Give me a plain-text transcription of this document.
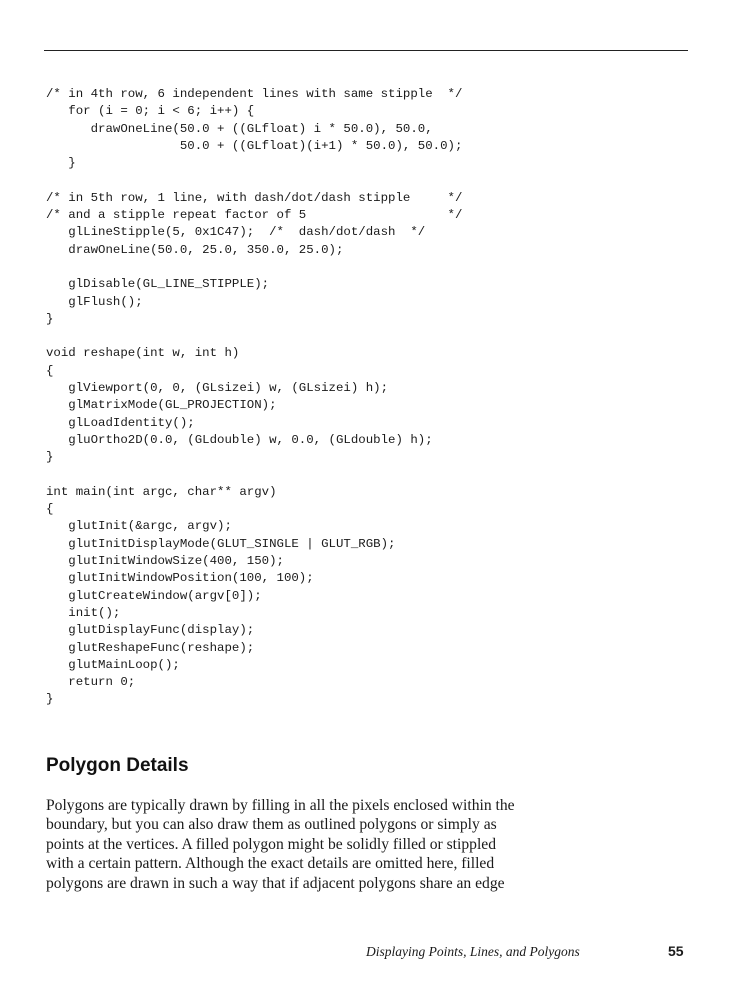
/* in 4th row, 6 independent lines with same stipple  */
for (i = 0; i < 6; i++) {
drawOneLine(50.0 + ((GLfloat) i * 50.0), 50.0,
50.0 + ((GLfloat)(i+1) * 50.0), 50.0);
}
/* in 5th row, 1 line, with dash/dot/dash stipple     */
/* and a stipple repeat factor of 5                   */
glLineStipple(5, 0x1C47);  /*  dash/dot/dash  */
drawOneLine(50.0, 25.0, 350.0, 25.0);
glDisable(GL_LINE_STIPPLE);
glFlush();
}
void reshape(int w, int h)
{
glViewport(0, 0, (GLsizei) w, (GLsizei) h);
glMatrixMode(GL_PROJECTION);
glLoadIdentity();
gluOrtho2D(0.0, (GLdouble) w, 0.0, (GLdouble) h);
}
int main(int argc, char** argv)
{
glutInit(&argc, argv);
glutInitDisplayMode(GLUT_SINGLE | GLUT_RGB);
glutInitWindowSize(400, 150);
glutInitWindowPosition(100, 100);
glutCreateWindow(argv[0]);
init();
glutDisplayFunc(display);
glutReshapeFunc(reshape);
glutMainLoop();
return 0;
}
Polygon Details
Polygons are typically drawn by filling in all the pixels enclosed within the
boundary, but you can also draw them as outlined polygons or simply as
points at the vertices. A filled polygon might be solidly filled or stippled
with a certain pattern. Although the exact details are omitted here, filled
polygons are drawn in such a way that if adjacent polygons share an edge
Displaying Points, Lines, and Polygons	55
